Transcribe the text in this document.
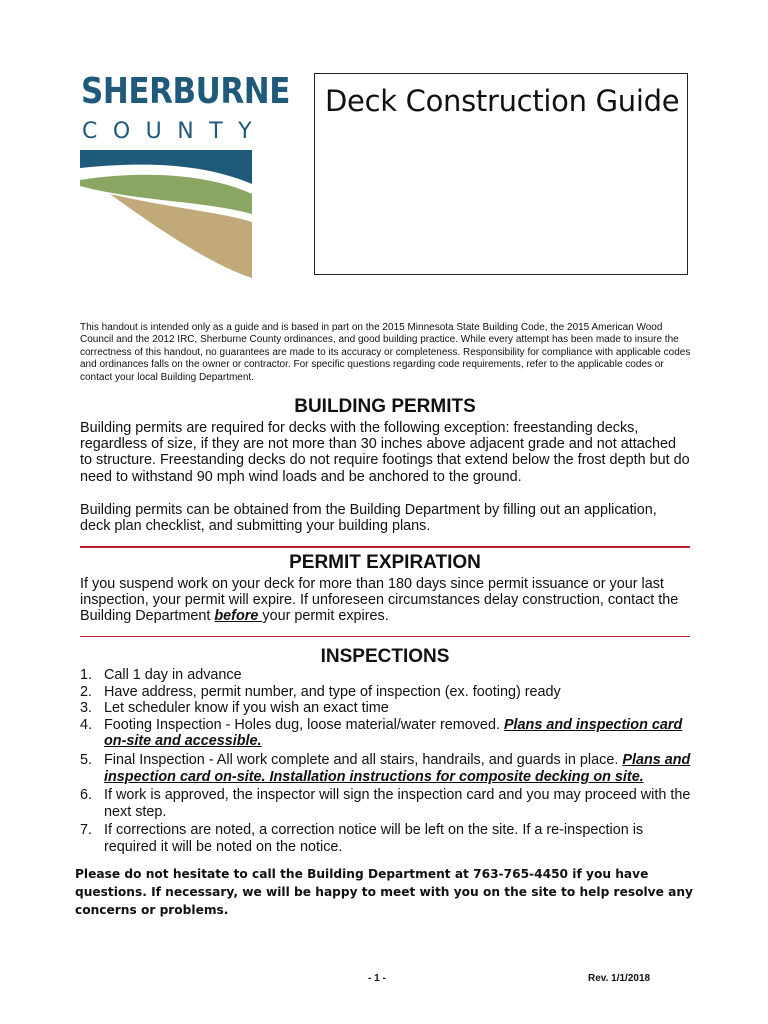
SHERBURNE
COUNTY
Deck Construction Guide
This handout is intended only as a guide and is based in part on the 2015 Minnesota State Building Code, the 2015 American Wood Council and the 2012 IRC, Sherburne County ordinances, and good building practice. While every attempt has been made to insure the correctness of this handout, no guarantees are made to its accuracy or completeness. Responsibility for compliance with applicable codes and ordinances falls on the owner or contractor. For specific questions regarding code requirements, refer to the applicable codes or contact your local Building Department.
BUILDING PERMITS
Building permits are required for decks with the following exception: freestanding decks, regardless of size, if they are not more than 30 inches above adjacent grade and not attached to structure. Freestanding decks do not require footings that extend below the frost depth but do need to withstand 90 mph wind loads and be anchored to the ground.
Building permits can be obtained from the Building Department by filling out an application, deck plan checklist, and submitting your building plans.
PERMIT EXPIRATION
If you suspend work on your deck for more than 180 days since permit issuance or your last inspection, your permit will expire. If unforeseen circumstances delay construction, contact the Building Department before your permit expires.
INSPECTIONS
1. Call 1 day in advance
2. Have address, permit number, and type of inspection (ex. footing) ready
3. Let scheduler know if you wish an exact time
4. Footing Inspection - Holes dug, loose material/water removed. Plans and inspection card on-site and accessible.
5. Final Inspection - All work complete and all stairs, handrails, and guards in place. Plans and inspection card on-site. Installation instructions for composite decking on site.
6. If work is approved, the inspector will sign the inspection card and you may proceed with the next step.
7. If corrections are noted, a correction notice will be left on the site. If a re-inspection is required it will be noted on the notice.
Please do not hesitate to call the Building Department at 763-765-4450 if you have questions. If necessary, we will be happy to meet with you on the site to help resolve any concerns or problems.
- 1 -	Rev. 1/1/2018
